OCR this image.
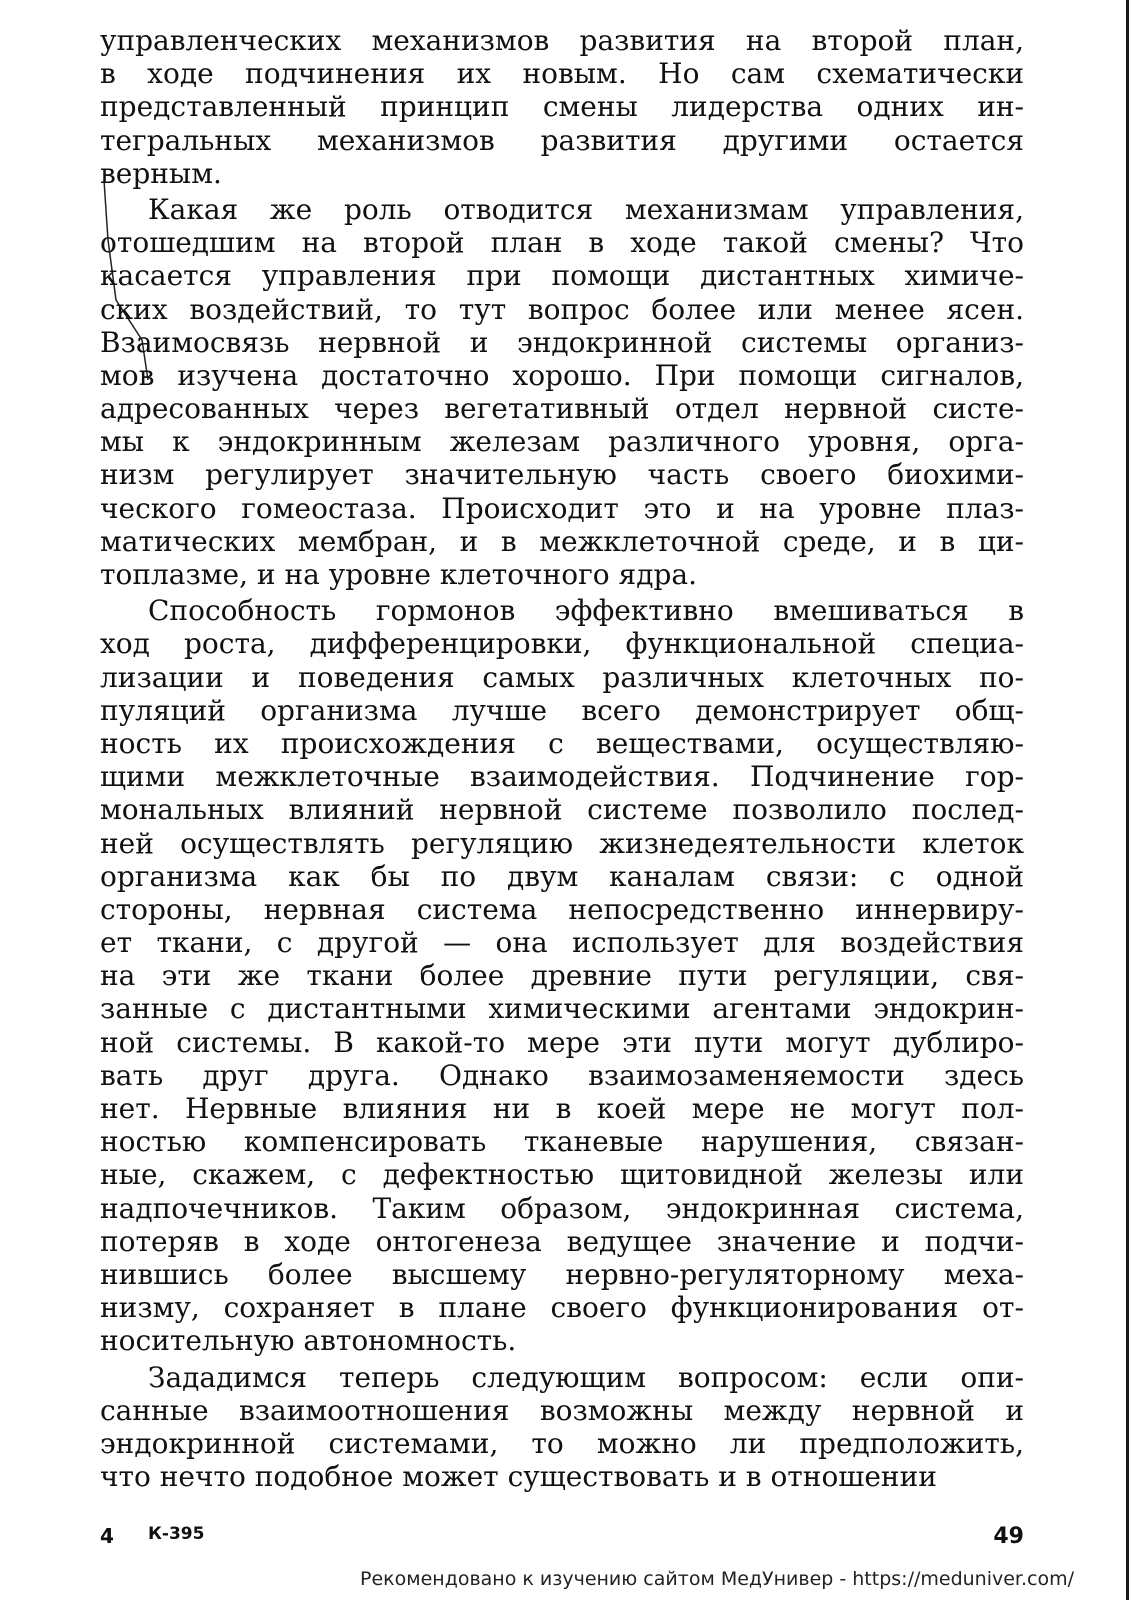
управленческих механизмов развития на второй план,
в ходе подчинения их новым. Но сам схематически
представленный принцип смены лидерства одних ин-
тегральных механизмов развития другими остается
верным.
Какая же роль отводится механизмам управления,
отошедшим на второй план в ходе такой смены? Что
касается управления при помощи дистантных химиче-
ских воздействий, то тут вопрос более или менее ясен.
Взаимосвязь нервной и эндокринной системы организ-
мов изучена достаточно хорошо. При помощи сигналов,
адресованных через вегетативный отдел нервной систе-
мы к эндокринным железам различного уровня, орга-
низм регулирует значительную часть своего биохими-
ческого гомеостаза. Происходит это и на уровне плаз-
матических мембран, и в межклеточной среде, и в ци-
топлазме, и на уровне клеточного ядра.
Способность гормонов эффективно вмешиваться в
ход роста, дифференцировки, функциональной специа-
лизации и поведения самых различных клеточных по-
пуляций организма лучше всего демонстрирует общ-
ность их происхождения с веществами, осуществляю-
щими межклеточные взаимодействия. Подчинение гор-
мональных влияний нервной системе позволило послед-
ней осуществлять регуляцию жизнедеятельности клеток
организма как бы по двум каналам связи: с одной
стороны, нервная система непосредственно иннервиру-
ет ткани, с другой — она использует для воздействия
на эти же ткани более древние пути регуляции, свя-
занные с дистантными химическими агентами эндокрин-
ной системы. В какой-то мере эти пути могут дублиро-
вать друг друга. Однако взаимозаменяемости здесь
нет. Нервные влияния ни в коей мере не могут пол-
ностью компенсировать тканевые нарушения, связан-
ные, скажем, с дефектностью щитовидной железы или
надпочечников. Таким образом, эндокринная система,
потеряв в ходе онтогенеза ведущее значение и подчи-
нившись более высшему нервно-регуляторному меха-
низму, сохраняет в плане своего функционирования от-
носительную автономность.
Зададимся теперь следующим вопросом: если опи-
санные взаимоотношения возможны между нервной и
эндокринной системами, то можно ли предположить,
что нечто подобное может существовать и в отношении
4 К-395	49
Рекомендовано к изучению сайтом МедУнивер - https://meduniver.com/
